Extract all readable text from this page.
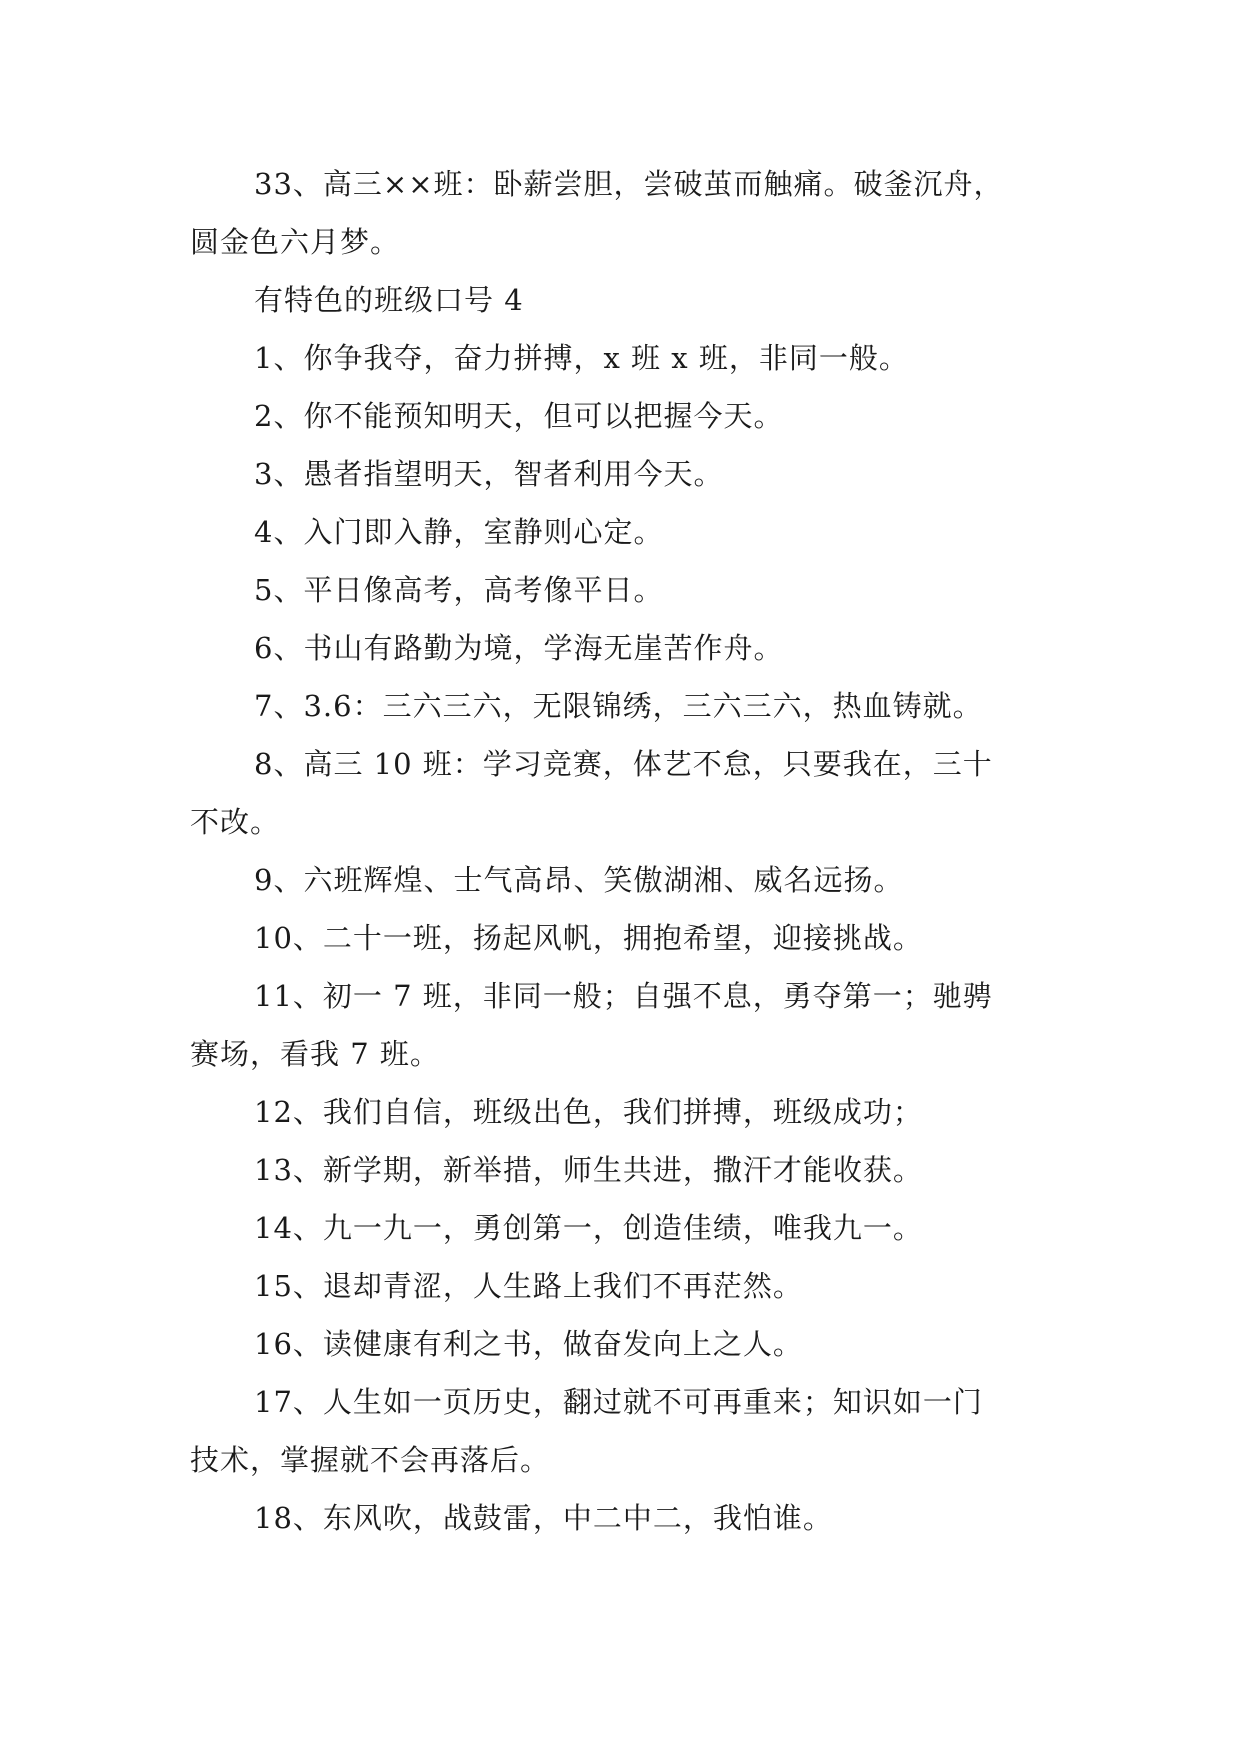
33、高三××班：卧薪尝胆，尝破茧而触痛。破釜沉舟，
圆金色六月梦。
有特色的班级口号 4
1、你争我夺，奋力拼搏，x 班 x 班，非同一般。
2、你不能预知明天，但可以把握今天。
3、愚者指望明天，智者利用今天。
4、入门即入静，室静则心定。
5、平日像高考，高考像平日。
6、书山有路勤为境，学海无崖苦作舟。
7、3.6：三六三六，无限锦绣，三六三六，热血铸就。
8、高三 10 班：学习竞赛，体艺不怠，只要我在，三十
不改。
9、六班辉煌、士气高昂、笑傲湖湘、威名远扬。
10、二十一班，扬起风帆，拥抱希望，迎接挑战。
11、初一 7 班，非同一般；自强不息，勇夺第一；驰骋
赛场，看我 7 班。
12、我们自信，班级出色，我们拼搏，班级成功；
13、新学期，新举措，师生共进，撒汗才能收获。
14、九一九一，勇创第一，创造佳绩，唯我九一。
15、退却青涩，人生路上我们不再茫然。
16、读健康有利之书，做奋发向上之人。
17、人生如一页历史，翻过就不可再重来；知识如一门
技术，掌握就不会再落后。
18、东风吹，战鼓雷，中二中二，我怕谁。
